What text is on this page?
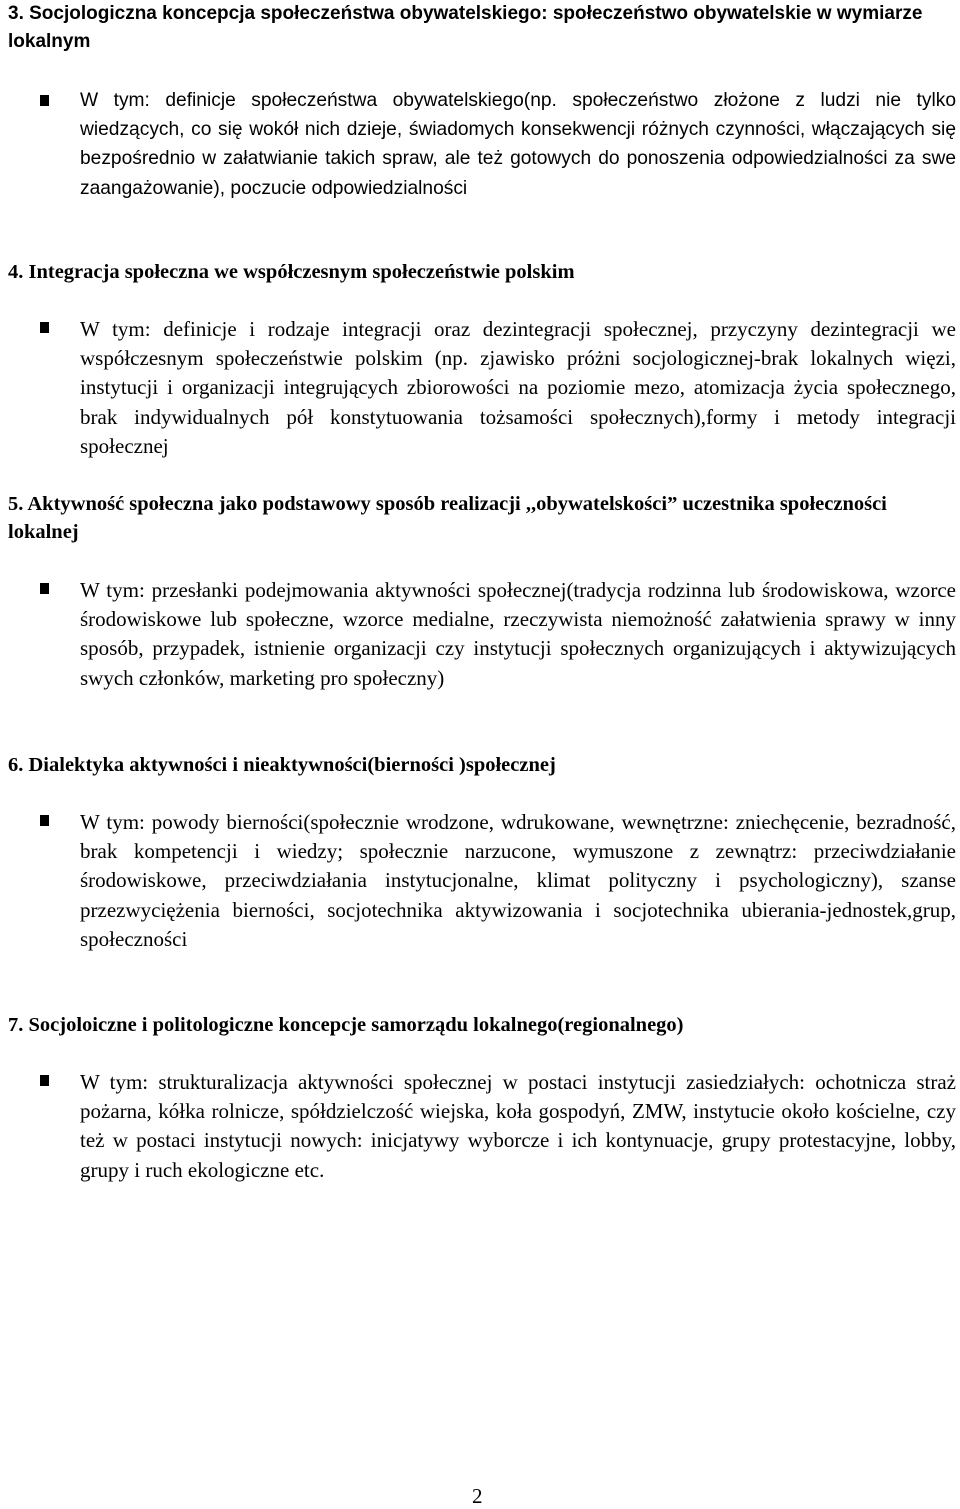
3. Socjologiczna koncepcja społeczeństwa obywatelskiego: społeczeństwo obywatelskie w wymiarze lokalnym

W tym: definicje społeczeństwa obywatelskiego(np. społeczeństwo złożone z ludzi nie tylko wiedzących, co się wokół nich dzieje, świadomych konsekwencji różnych czynności, włączających się bezpośrednio w załatwianie takich spraw, ale też gotowych do ponoszenia odpowiedzialności za swe zaangażowanie), poczucie odpowiedzialności

4. Integracja społeczna we współczesnym społeczeństwie polskim

W tym: definicje i rodzaje integracji oraz dezintegracji społecznej, przyczyny dezintegracji we współczesnym społeczeństwie polskim (np. zjawisko próżni socjologicznej-brak lokalnych więzi, instytucji i organizacji integrujących zbiorowości na poziomie mezo, atomizacja życia społecznego, brak indywidualnych pół konstytuowania tożsamości społecznych),formy i metody integracji społecznej

5. Aktywność społeczna jako podstawowy sposób realizacji ,,obywatelskości” uczestnika społeczności lokalnej

W tym: przesłanki podejmowania aktywności społecznej(tradycja rodzinna lub środowiskowa, wzorce środowiskowe lub społeczne, wzorce medialne, rzeczywista niemożność załatwienia sprawy w inny sposób, przypadek, istnienie organizacji czy instytucji społecznych organizujących i aktywizujących swych członków, marketing pro społeczny)

6. Dialektyka aktywności i nieaktywności(bierności )społecznej

W tym: powody bierności(społecznie wrodzone, wdrukowane, wewnętrzne: zniechęcenie, bezradność, brak kompetencji i wiedzy; społecznie narzucone, wymuszone z zewnątrz: przeciwdziałanie środowiskowe, przeciwdziałania instytucjonalne, klimat polityczny i psychologiczny), szanse przezwyciężenia bierności, socjotechnika aktywizowania i socjotechnika ubierania-jednostek,grup, społeczności

7. Socjoloiczne i politologiczne koncepcje samorządu lokalnego(regionalnego)

W tym: strukturalizacja aktywności społecznej w postaci instytucji zasiedziałych: ochotnicza straż pożarna, kółka rolnicze, spółdzielczość wiejska, koła gospodyń, ZMW, instytucie około kościelne, czy też w postaci instytucji nowych: inicjatywy wyborcze i ich kontynuacje, grupy protestacyjne, lobby, grupy i ruch ekologiczne etc.

2
